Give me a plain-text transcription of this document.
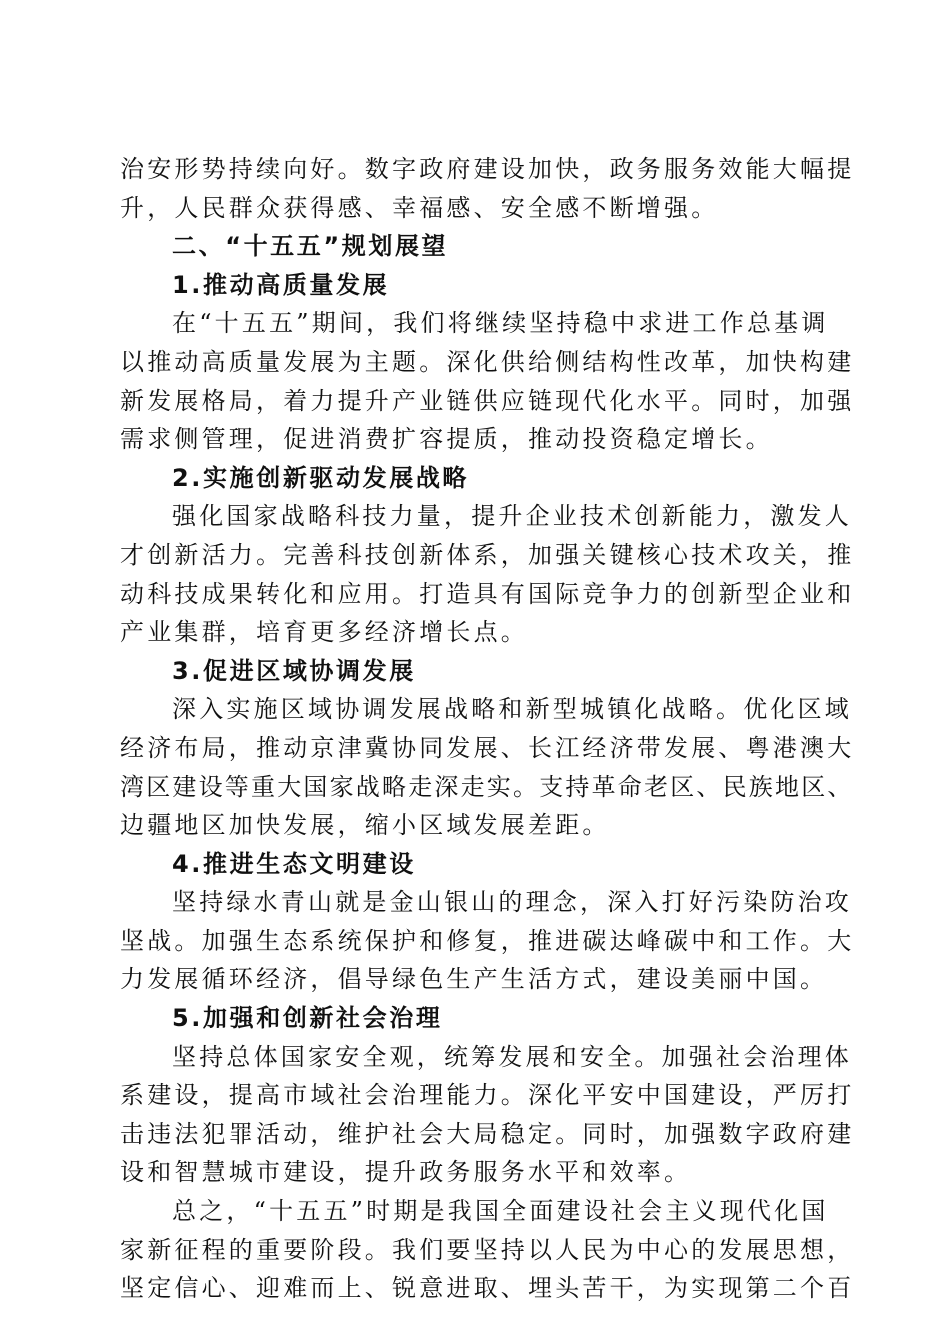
治安形势持续向好。数字政府建设加快，政务服务效能大幅提
升，人民群众获得感、幸福感、安全感不断增强。
二、“十五五”规划展望
1.推动高质量发展
在“十五五”期间，我们将继续坚持稳中求进工作总基调
以推动高质量发展为主题。深化供给侧结构性改革，加快构建
新发展格局，着力提升产业链供应链现代化水平。同时，加强
需求侧管理，促进消费扩容提质，推动投资稳定增长。
2.实施创新驱动发展战略
强化国家战略科技力量，提升企业技术创新能力，激发人
才创新活力。完善科技创新体系，加强关键核心技术攻关，推
动科技成果转化和应用。打造具有国际竞争力的创新型企业和
产业集群，培育更多经济增长点。
3.促进区域协调发展
深入实施区域协调发展战略和新型城镇化战略。优化区域
经济布局，推动京津冀协同发展、长江经济带发展、粤港澳大
湾区建设等重大国家战略走深走实。支持革命老区、民族地区、
边疆地区加快发展，缩小区域发展差距。
4.推进生态文明建设
坚持绿水青山就是金山银山的理念，深入打好污染防治攻
坚战。加强生态系统保护和修复，推进碳达峰碳中和工作。大
力发展循环经济，倡导绿色生产生活方式，建设美丽中国。
5.加强和创新社会治理
坚持总体国家安全观，统筹发展和安全。加强社会治理体
系建设，提高市域社会治理能力。深化平安中国建设，严厉打
击违法犯罪活动，维护社会大局稳定。同时，加强数字政府建
设和智慧城市建设，提升政务服务水平和效率。
总之，“十五五”时期是我国全面建设社会主义现代化国
家新征程的重要阶段。我们要坚持以人民为中心的发展思想，
坚定信心、迎难而上、锐意进取、埋头苦干，为实现第二个百
